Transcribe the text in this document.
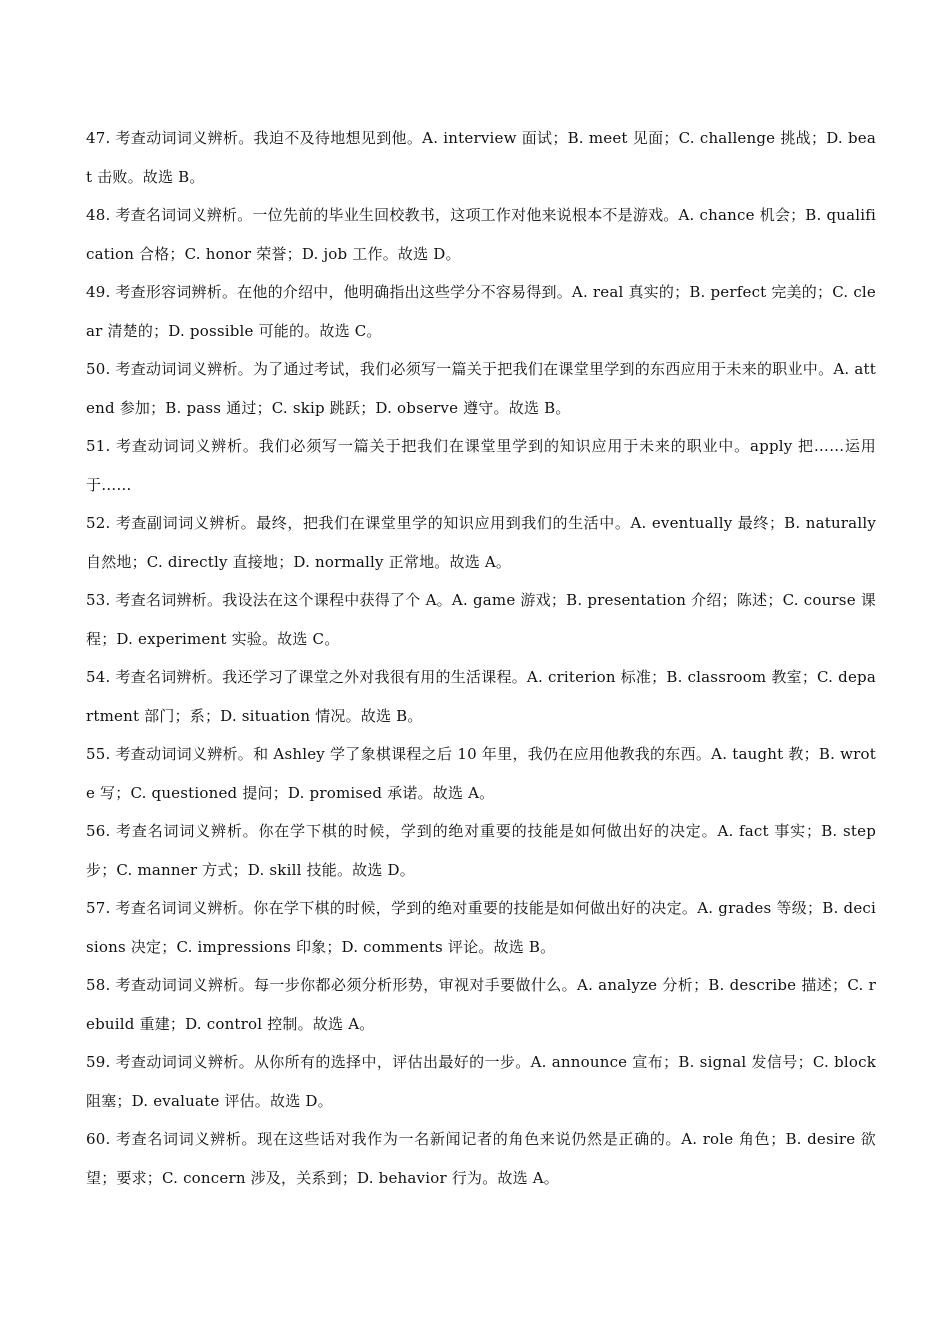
47. 考查动词词义辨析。我迫不及待地想见到他。A. interview 面试；B. meet 见面；C. challenge 挑战；D. beat 击败。故选 B。

48. 考查名词词义辨析。一位先前的毕业生回校教书，这项工作对他来说根本不是游戏。A. chance 机会；B. qualification 合格；C. honor 荣誉；D. job 工作。故选 D。

49. 考查形容词辨析。在他的介绍中，他明确指出这些学分不容易得到。A. real 真实的；B. perfect 完美的；C. clear 清楚的；D. possible 可能的。故选 C。

50. 考查动词词义辨析。为了通过考试，我们必须写一篇关于把我们在课堂里学到的东西应用于未来的职业中。A. attend 参加；B. pass 通过；C. skip 跳跃；D. observe 遵守。故选 B。

51. 考查动词词义辨析。我们必须写一篇关于把我们在课堂里学到的知识应用于未来的职业中。apply 把……运用于……

52. 考查副词词义辨析。最终，把我们在课堂里学的知识应用到我们的生活中。A. eventually 最终；B. naturally 自然地；C. directly 直接地；D. normally 正常地。故选 A。

53. 考查名词辨析。我设法在这个课程中获得了个 A。A. game 游戏；B. presentation 介绍；陈述；C. course 课程；D. experiment 实验。故选 C。

54. 考查名词辨析。我还学习了课堂之外对我很有用的生活课程。A. criterion 标准；B. classroom 教室；C. department 部门；系；D. situation 情况。故选 B。

55. 考查动词词义辨析。和 Ashley 学了象棋课程之后 10 年里，我仍在应用他教我的东西。A. taught 教；B. wrote 写；C. questioned 提问；D. promised 承诺。故选 A。

56. 考查名词词义辨析。你在学下棋的时候，学到的绝对重要的技能是如何做出好的决定。A. fact 事实；B. step 步；C. manner 方式；D. skill 技能。故选 D。

57. 考查名词词义辨析。你在学下棋的时候，学到的绝对重要的技能是如何做出好的决定。A. grades 等级；B. decisions 决定；C. impressions 印象；D. comments 评论。故选 B。

58. 考查动词词义辨析。每一步你都必须分析形势，审视对手要做什么。A. analyze 分析；B. describe 描述；C. rebuild 重建；D. control 控制。故选 A。

59. 考查动词词义辨析。从你所有的选择中，评估出最好的一步。A. announce 宣布；B. signal 发信号；C. block 阻塞；D. evaluate 评估。故选 D。

60. 考查名词词义辨析。现在这些话对我作为一名新闻记者的角色来说仍然是正确的。A. role 角色；B. desire 欲望；要求；C. concern 涉及，关系到；D. behavior 行为。故选 A。
